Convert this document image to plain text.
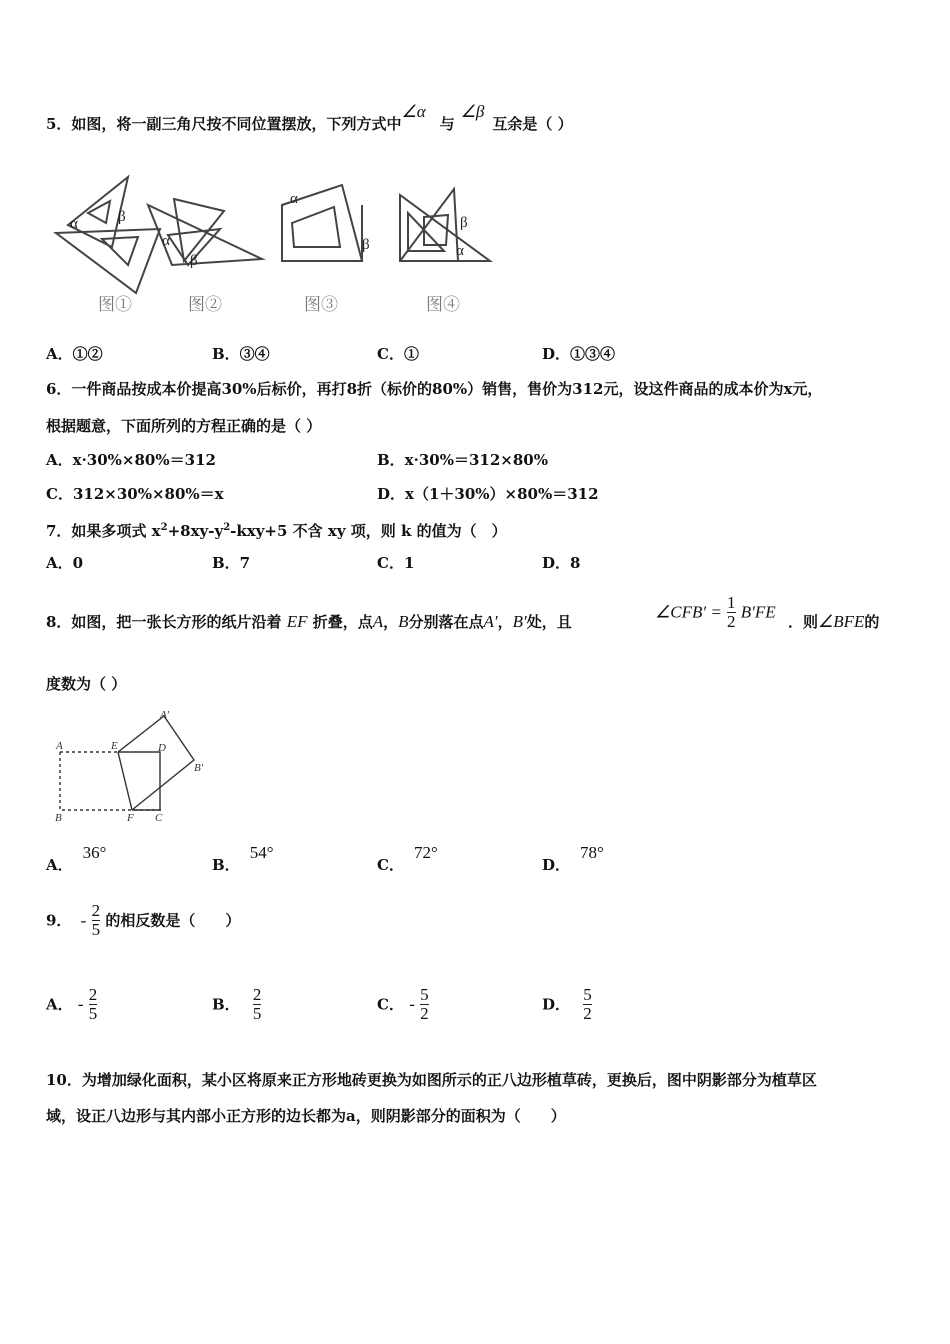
5．如图，将一副三角尺按不同位置摆放，下列方式中∠α与∠β互余是（ ）
α	β
α
β
α
β
β
α
图①	图②	图③	图④
A．①②	B．③④	C．①	D．①③④
6．一件商品按成本价提高30%后标价，再打8折（标价的80%）销售，售价为312元，设这件商品的成本价为x元，
根据题意，下面所列的方程正确的是（ ）
A．x·30%×80%＝312	B．x·30%＝312×80%
C．312×30%×80%＝x	D．x（1＋30%）×80%＝312
7．如果多项式 $x^2+8xy-y^2-kxy+5$ 不含 xy 项，则 k 的值为（　）
A．0	B．7	C．1	D．8
8．如图，把一张长方形的纸片沿着 EF 折叠，点A，B分别落在点A′，B′处，且
∠CFB′ = $\frac{1}{2} B'FE$
．则∠BFE的
度数为（ ）
A	E	D
A′
B′
B	F C
A．36°
B．54°
C．72°
D．78°
9． - $\frac{2}{5}$ 的相反数是（　　）
A． - $\frac{2}{5}$	B． $\frac{2}{5}$	C． - $\frac{5}{2}$	D． $\frac{5}{2}$
10．为增加绿化面积，某小区将原来正方形地砖更换为如图所示的正八边形植草砖，更换后，图中阴影部分为植草区
域，设正八边形与其内部小正方形的边长都为a，则阴影部分的面积为（　　）
